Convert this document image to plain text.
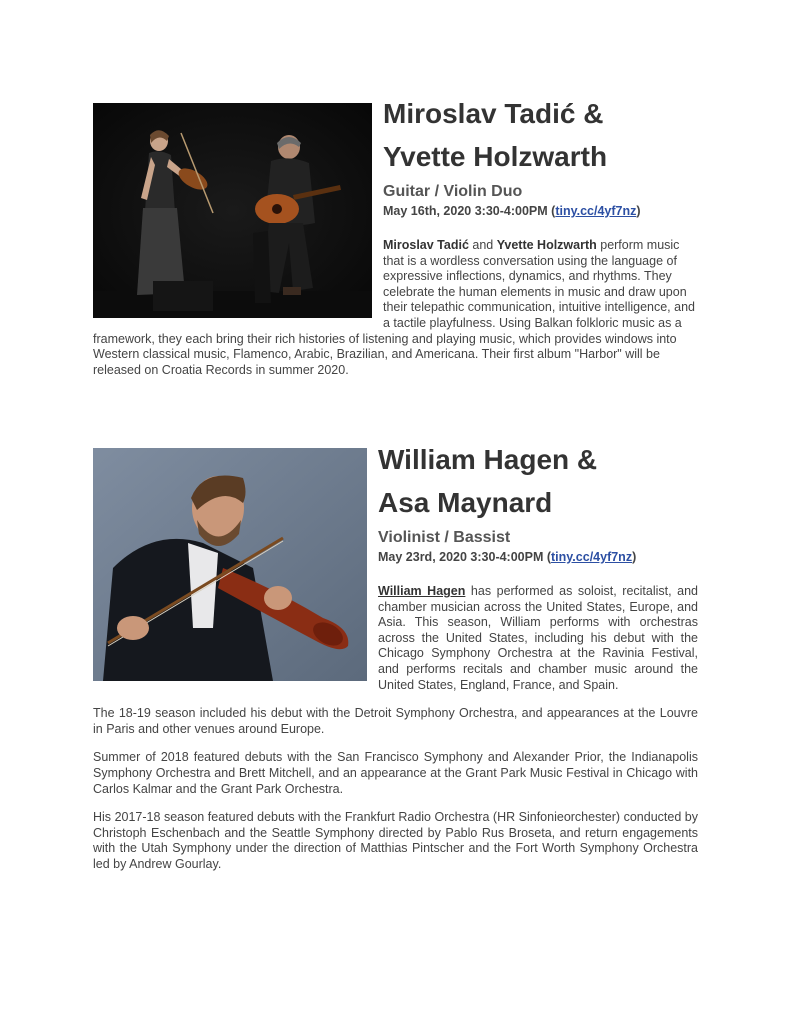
Miroslav Tadić &
Yvette Holzwarth

Guitar / Violin Duo

May 16th, 2020 3:30-4:00PM (tiny.cc/4yf7nz)

Miroslav Tadić and Yvette Holzwarth perform music that is a wordless conversation using the language of expressive inflections, dynamics, and rhythms. They celebrate the human elements in music and draw upon their telepathic communication, intuitive intelligence, and a tactile playfulness. Using Balkan folkloric music as a framework, they each bring their rich histories of listening and playing music, which provides windows into Western classical music, Flamenco, Arabic, Brazilian, and Americana. Their first album "Harbor" will be released on Croatia Records in summer 2020.

William Hagen &
Asa Maynard

Violinist / Bassist

May 23rd, 2020 3:30-4:00PM (tiny.cc/4yf7nz)

William Hagen has performed as soloist, recitalist, and chamber musician across the United States, Europe, and Asia. This season, William performs with orchestras across the United States, including his debut with the Chicago Symphony Orchestra at the Ravinia Festival, and performs recitals and chamber music around the United States, England, France, and Spain.

The 18-19 season included his debut with the Detroit Symphony Orchestra, and appearances at the Louvre in Paris and other venues around Europe.

Summer of 2018 featured debuts with the San Francisco Symphony and Alexander Prior, the Indianapolis Symphony Orchestra and Brett Mitchell, and an appearance at the Grant Park Music Festival in Chicago with Carlos Kalmar and the Grant Park Orchestra.

His 2017-18 season featured debuts with the Frankfurt Radio Orchestra (HR Sinfonieorchester) conducted by Christoph Eschenbach and the Seattle Symphony directed by Pablo Rus Broseta, and return engagements with the Utah Symphony under the direction of Matthias Pintscher and the Fort Worth Symphony Orchestra led by Andrew Gourlay.
